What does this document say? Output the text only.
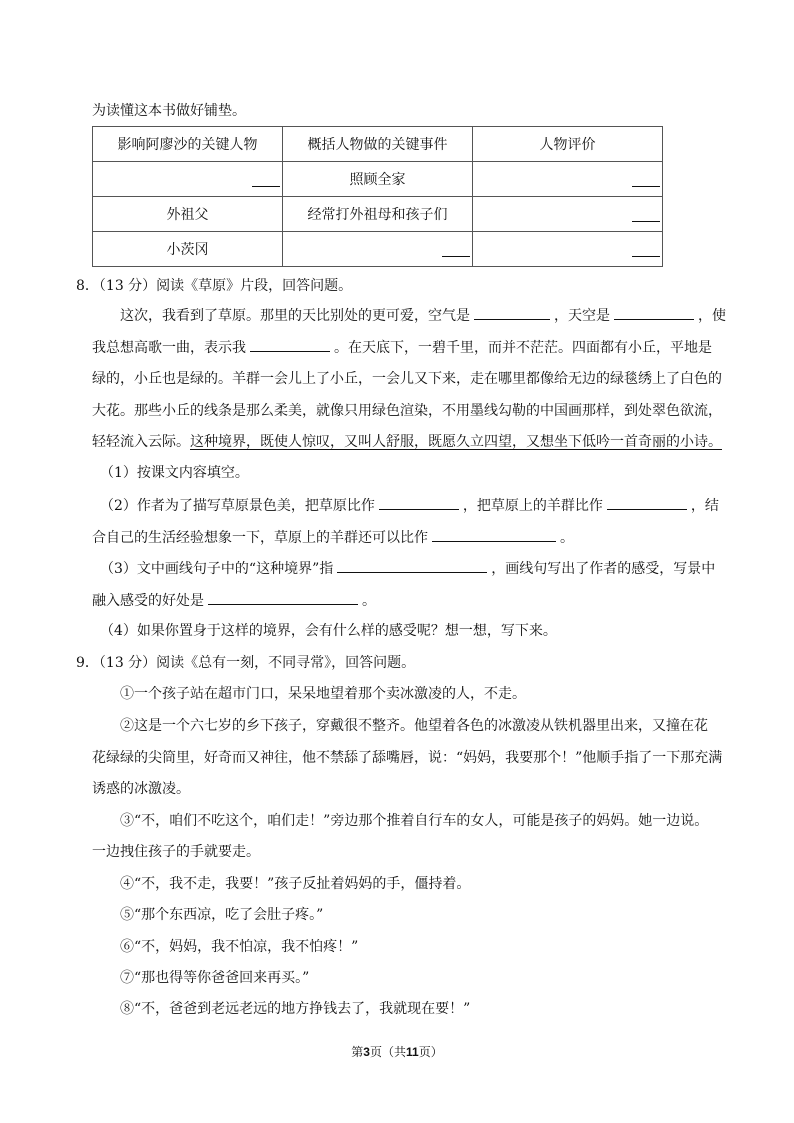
为读懂这本书做好铺垫。
影响阿廖沙的关键人物	概括人物做的关键事件	人物评价

	照顾全家	

外祖父	经常打外祖母和孩子们	

小茨冈	

8．（13 分）阅读《草原》片段，回答问题。
这次，我看到了草原。那里的天比别处的更可爱，空气是	，天空是	，使
我总想高歌一曲，表示我	。在天底下，一碧千里，而并不茫茫。四面都有小丘，平地是
绿的，小丘也是绿的。羊群一会儿上了小丘，一会儿又下来，走在哪里都像给无边的绿毯绣上了白色的
大花。那些小丘的线条是那么柔美，就像只用绿色渲染，不用墨线勾勒的中国画那样，到处翠色欲流，
轻轻流入云际。这种境界，既使人惊叹，又叫人舒服，既愿久立四望，又想坐下低吟一首奇丽的小诗。
（1）按课文内容填空。
（2）作者为了描写草原景色美，把草原比作	，把草原上的羊群比作	，结
合自己的生活经验想象一下，草原上的羊群还可以比作	。
（3）文中画线句子中的“这种境界”指	，画线句写出了作者的感受，写景中
融入感受的好处是	。
（4）如果你置身于这样的境界，会有什么样的感受呢？想一想，写下来。
9．（13 分）阅读《总有一刻，不同寻常》，回答问题。
①一个孩子站在超市门口，呆呆地望着那个卖冰激凌的人，不走。
②这是一个六七岁的乡下孩子，穿戴很不整齐。他望着各色的冰激凌从铁机器里出来，又撞在花
花绿绿的尖筒里，好奇而又神往，他不禁舔了舔嘴唇，说：“妈妈，我要那个！”他顺手指了一下那充满
诱惑的冰激凌。
③“不，咱们不吃这个，咱们走！”旁边那个推着自行车的女人，可能是孩子的妈妈。她一边说。
一边拽住孩子的手就要走。
④“不，我不走，我要！”孩子反扯着妈妈的手，僵持着。
⑤“那个东西凉，吃了会肚子疼。”
⑥“不，妈妈，我不怕凉，我不怕疼！”
⑦“那也得等你爸爸回来再买。”
⑧“不，爸爸到老远老远的地方挣钱去了，我就现在要！”
第3页（共11页）
